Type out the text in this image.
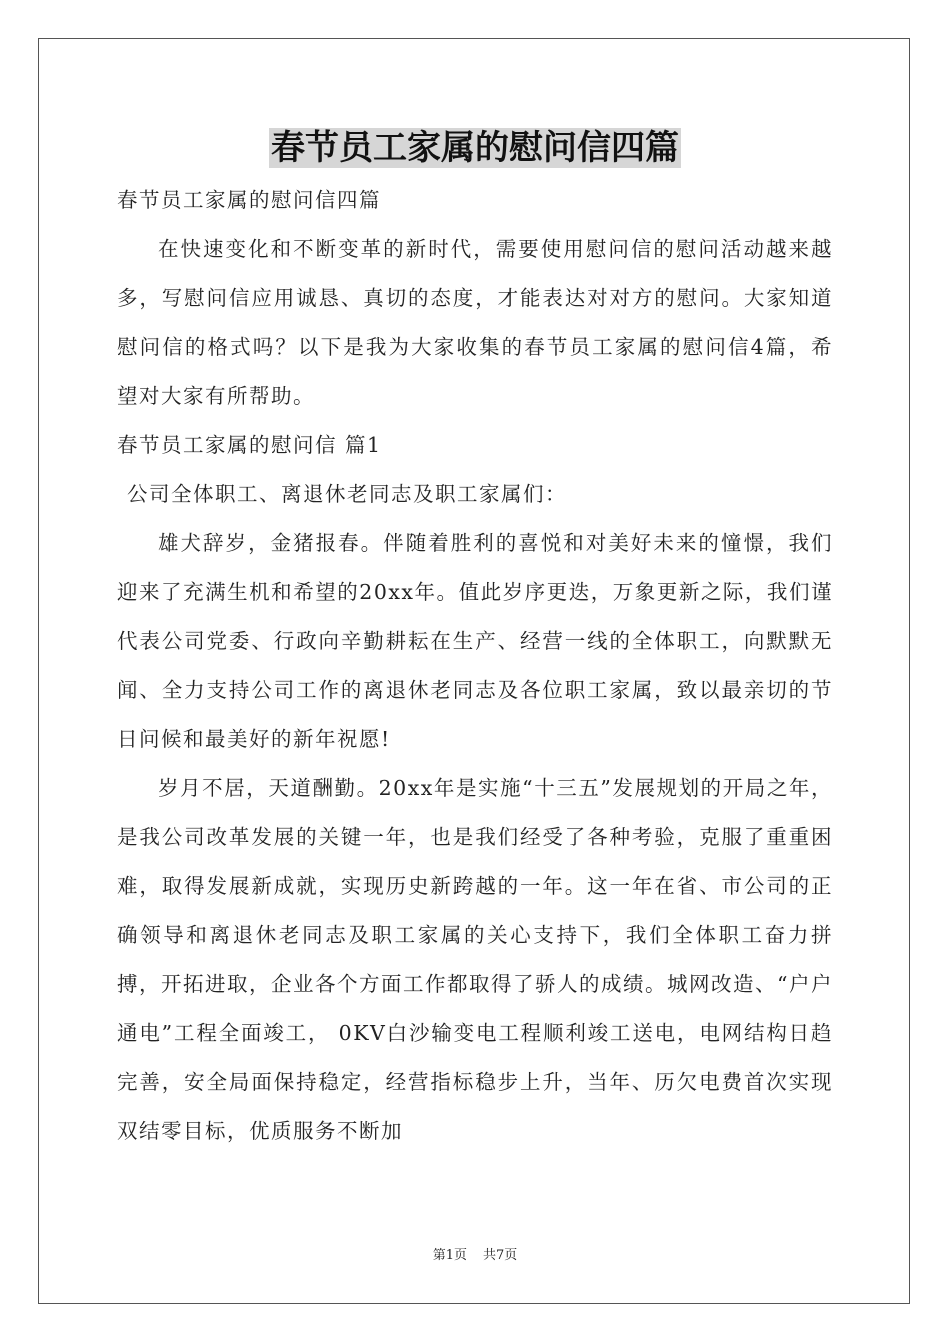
春节员工家属的慰问信四篇

春节员工家属的慰问信四篇

在快速变化和不断变革的新时代，需要使用慰问信的慰问活动越来越多，写慰问信应用诚恳、真切的态度，才能表达对对方的慰问。大家知道慰问信的格式吗？以下是我为大家收集的春节员工家属的慰问信4篇，希望对大家有所帮助。

春节员工家属的慰问信 篇1

公司全体职工、离退休老同志及职工家属们：

雄犬辞岁，金猪报春。伴随着胜利的喜悦和对美好未来的憧憬，我们迎来了充满生机和希望的20xx年。值此岁序更迭，万象更新之际，我们谨代表公司党委、行政向辛勤耕耘在生产、经营一线的全体职工，向默默无闻、全力支持公司工作的离退休老同志及各位职工家属，致以最亲切的节日问候和最美好的新年祝愿!

岁月不居，天道酬勤。20xx年是实施“十三五”发展规划的开局之年，是我公司改革发展的关键一年，也是我们经受了各种考验，克服了重重困难，取得发展新成就，实现历史新跨越的一年。这一年在省、市公司的正确领导和离退休老同志及职工家属的关心支持下，我们全体职工奋力拼搏，开拓进取，企业各个方面工作都取得了骄人的成绩。城网改造、“户户通电”工程全面竣工， 0KV白沙输变电工程顺利竣工送电，电网结构日趋完善，安全局面保持稳定，经营指标稳步上升，当年、历欠电费首次实现双结零目标，优质服务不断加

第1页 共7页
